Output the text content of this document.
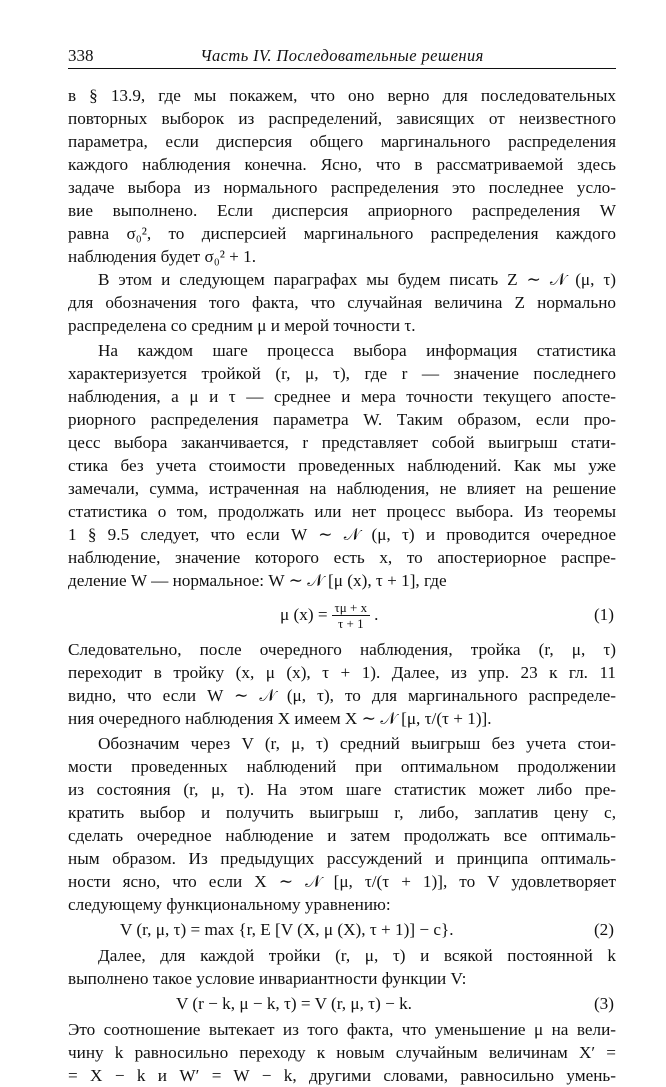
338	Часть IV. Последовательные решения
в § 13.9, где мы покажем, что оно верно для последовательных
повторных выборок из распределений, зависящих от неизвестного
параметра, если дисперсия общего маргинального распределения
каждого наблюдения конечна. Ясно, что в рассматриваемой здесь
задаче выбора из нормального распределения это последнее усло-
вие выполнено. Если дисперсия априорного распределения W
равна σ₀², то дисперсией маргинального распределения каждого
наблюдения будет σ₀² + 1.
В этом и следующем параграфах мы будем писать Z ∼ 𝒩 (μ, τ)
для обозначения того факта, что случайная величина Z нормально
распределена со средним μ и мерой точности τ.
На каждом шаге процесса выбора информация статистика
характеризуется тройкой (r, μ, τ), где r — значение последнего
наблюдения, а μ и τ — среднее и мера точности текущего апосте-
риорного распределения параметра W. Таким образом, если про-
цесс выбора заканчивается, r представляет собой выигрыш стати-
стика без учета стоимости проведенных наблюдений. Как мы уже
замечали, сумма, истраченная на наблюдения, не влияет на решение
статистика о том, продолжать или нет процесс выбора. Из теоремы
1 § 9.5 следует, что если W ∼ 𝒩 (μ, τ) и проводится очередное
наблюдение, значение которого есть x, то апостериорное распре-
деление W — нормальное: W ∼ 𝒩 [μ (x), τ + 1], где
μ $(x) = \frac{\tau\mu + x}{\tau + 1}$ .	(1)
Следовательно, после очередного наблюдения, тройка (r, μ, τ)
переходит в тройку (x, μ (x), τ + 1). Далее, из упр. 23 к гл. 11
видно, что если W ∼ 𝒩 (μ, τ), то для маргинального распределе-
ния очередного наблюдения X имеем X ∼ 𝒩 [μ, τ/(τ + 1)].
Обозначим через V (r, μ, τ) средний выигрыш без учета стои-
мости проведенных наблюдений при оптимальном продолжении
из состояния (r, μ, τ). На этом шаге статистик может либо пре-
кратить выбор и получить выигрыш r, либо, заплатив цену c,
сделать очередное наблюдение и затем продолжать все оптималь-
ным образом. Из предыдущих рассуждений и принципа оптималь-
ности ясно, что если X ∼ 𝒩 [μ, τ/(τ + 1)], то V удовлетворяет
следующему функциональному уравнению:
V (r, μ, τ) = max {r, E [V (X, μ (X), τ + 1)] − c}.	(2)
Далее, для каждой тройки (r, μ, τ) и всякой постоянной k
выполнено такое условие инвариантности функции V:
V (r − k, μ − k, τ) = V (r, μ, τ) − k.	(3)
Это соотношение вытекает из того факта, что уменьшение μ на вели-
чину k равносильно переходу к новым случайным величинам X′ =
= X − k и W′ = W − k, другими словами, равносильно умень-
